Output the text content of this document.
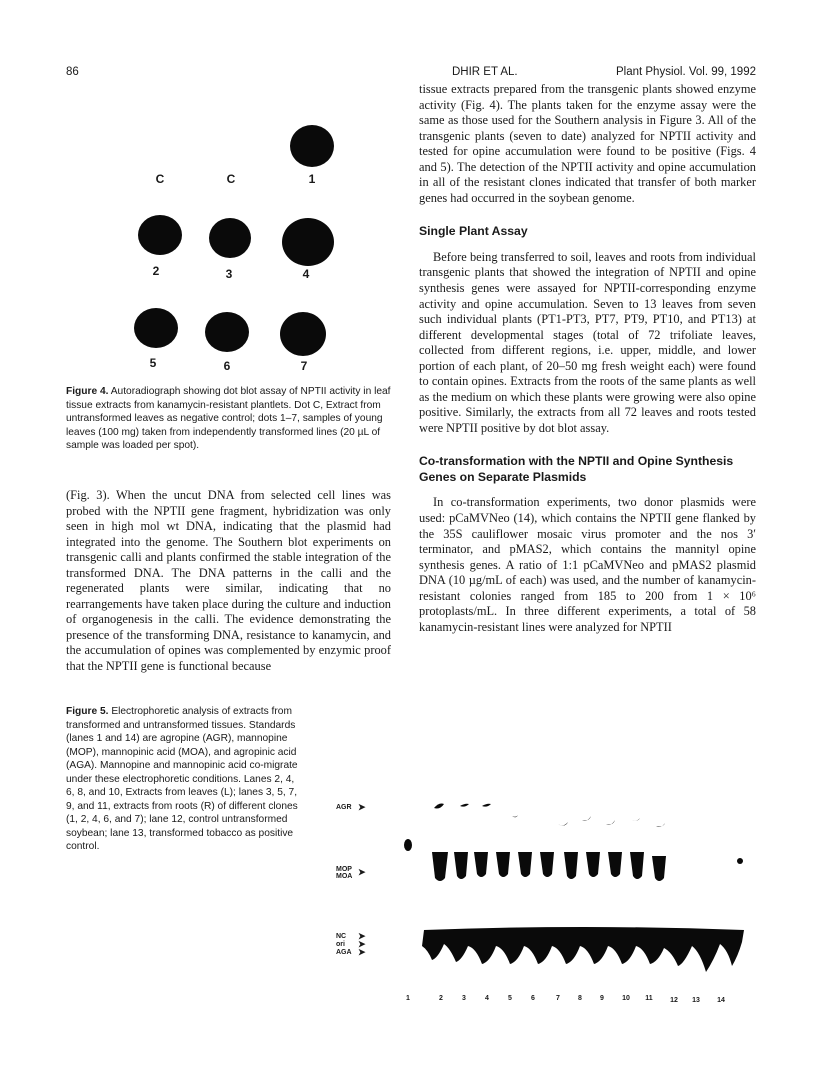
86	DHIR ET AL.	Plant Physiol. Vol. 99, 1992
C	C	1
2	3	4
5	6	7

Figure 4. Autoradiograph showing dot blot assay of NPTII activity in leaf tissue extracts from kanamycin-resistant plantlets. Dot C, Extract from untransformed leaves as negative control; dots 1–7, samples of young leaves (100 mg) taken from independently transformed lines (20 µL of sample was loaded per spot).

(Fig. 3). When the uncut DNA from selected cell lines was probed with the NPTII gene fragment, hybridization was only seen in high mol wt DNA, indicating that the plasmid had integrated into the genome. The Southern blot experiments on transgenic calli and plants confirmed the stable integration of the transformed DNA. The DNA patterns in the calli and the regenerated plants were similar, indicating that no rearrangements have taken place during the culture and induction of organogenesis in the calli. The evidence demonstrating the presence of the transforming DNA, resistance to kanamycin, and the accumulation of opines was complemented by enzymic proof that the NPTII gene is functional because

Figure 5. Electrophoretic analysis of extracts from transformed and untransformed tissues. Standards (lanes 1 and 14) are agropine (AGR), mannopine (MOP), mannopinic acid (MOA), and agropinic acid (AGA). Mannopine and mannopinic acid co-migrate under these electrophoretic conditions. Lanes 2, 4, 6, 8, and 10, Extracts from leaves (L); lanes 3, 5, 7, 9, and 11, extracts from roots (R) of different clones (1, 2, 4, 6, and 7); lane 12, control untransformed soybean; lane 13, transformed tobacco as positive control.

AGR ➤
MOP
MOA ➤
NC
ori
AGA
➤
➤
➤
1	2	3	4	5	6	7	8	9	10	11	12	13	14

tissue extracts prepared from the transgenic plants showed enzyme activity (Fig. 4). The plants taken for the enzyme assay were the same as those used for the Southern analysis in Figure 3. All of the transgenic plants (seven to date) analyzed for NPTII activity and tested for opine accumulation were found to be positive (Figs. 4 and 5). The detection of the NPTII activity and opine accumulation in all of the resistant clones indicated that transfer of both marker genes had occurred in the soybean genome.

Single Plant Assay

Before being transferred to soil, leaves and roots from individual transgenic plants that showed the integration of NPTII and opine synthesis genes were assayed for NPTII-corresponding enzyme activity and opine accumulation. Seven to 13 leaves from seven such individual plants (PT1-PT3, PT7, PT9, PT10, and PT13) at different developmental stages (total of 72 trifoliate leaves, collected from different regions, i.e. upper, middle, and lower portion of each plant, of 20–50 mg fresh weight each) were found to contain opines. Extracts from the roots of the same plants as well as the medium on which these plants were growing were also opine positive. Similarly, the extracts from all 72 leaves and roots tested were NPTII positive by dot blot assay.

Co-transformation with the NPTII and Opine Synthesis Genes on Separate Plasmids

In co-transformation experiments, two donor plasmids were used: pCaMVNeo (14), which contains the NPTII gene flanked by the 35S cauliflower mosaic virus promoter and the nos 3′ terminator, and pMAS2, which contains the mannityl opine synthesis genes. A ratio of 1:1 pCaMVNeo and pMAS2 plasmid DNA (10 µg/mL of each) was used, and the number of kanamycin-resistant colonies ranged from 185 to 200 from 1 × 10⁶ protoplasts/mL. In three different experiments, a total of 58 kanamycin-resistant lines were analyzed for NPTII
